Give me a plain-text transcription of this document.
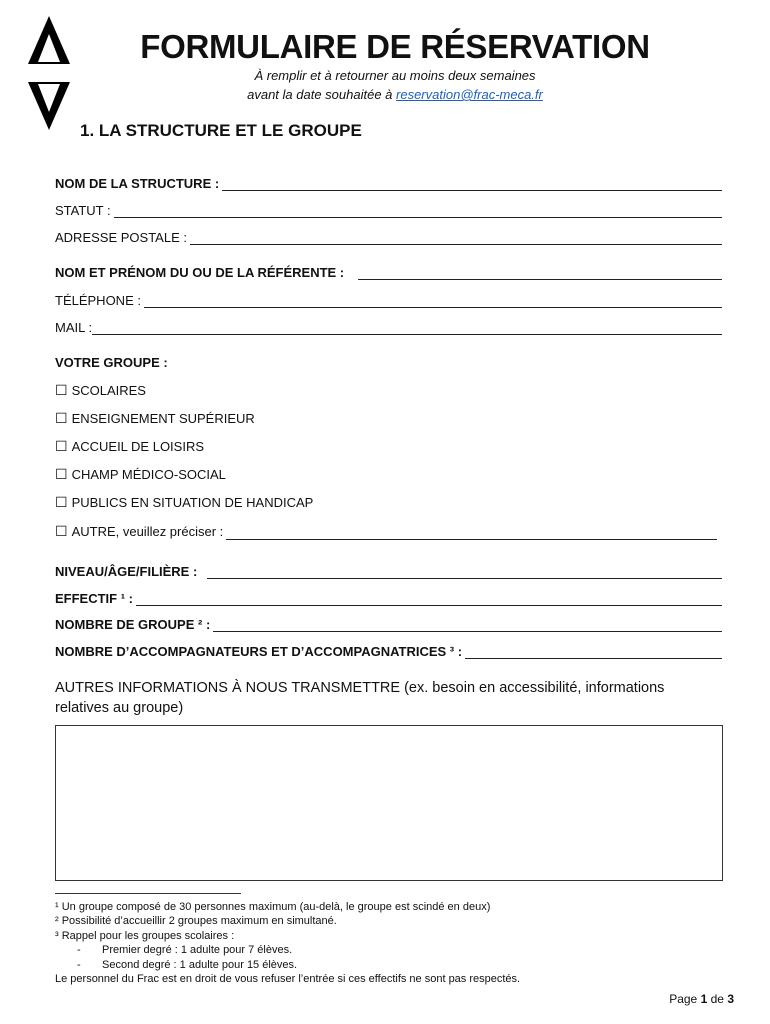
FORMULAIRE DE RÉSERVATION
À remplir et à retourner au moins deux semaines
avant la date souhaitée à reservation@frac-meca.fr
1. LA STRUCTURE ET LE GROUPE
NOM DE LA STRUCTURE :
STATUT :
ADRESSE POSTALE :
NOM ET PRÉNOM DU OU DE LA RÉFÉRENTE :
TÉLÉPHONE :
MAIL :
VOTRE GROUPE :
☐ SCOLAIRES
☐ ENSEIGNEMENT SUPÉRIEUR
☐ ACCUEIL DE LOISIRS
☐ CHAMP MÉDICO-SOCIAL
☐ PUBLICS EN SITUATION DE HANDICAP
☐ AUTRE, veuillez préciser :
NIVEAU/ÂGE/FILIÈRE :
EFFECTIF ¹ :
NOMBRE DE GROUPE ² :
NOMBRE D’ACCOMPAGNATEURS ET D’ACCOMPAGNATRICES ³ :
AUTRES INFORMATIONS À NOUS TRANSMETTRE (ex. besoin en accessibilité, informations relatives au groupe)
¹ Un groupe composé de 30 personnes maximum (au-delà, le groupe est scindé en deux)
² Possibilité d’accueillir 2 groupes maximum en simultané.
³ Rappel pour les groupes scolaires :
- Premier degré : 1 adulte pour 7 élèves.
- Second degré : 1 adulte pour 15 élèves.
Le personnel du Frac est en droit de vous refuser l’entrée si ces effectifs ne sont pas respectés.
Page 1 de 3
